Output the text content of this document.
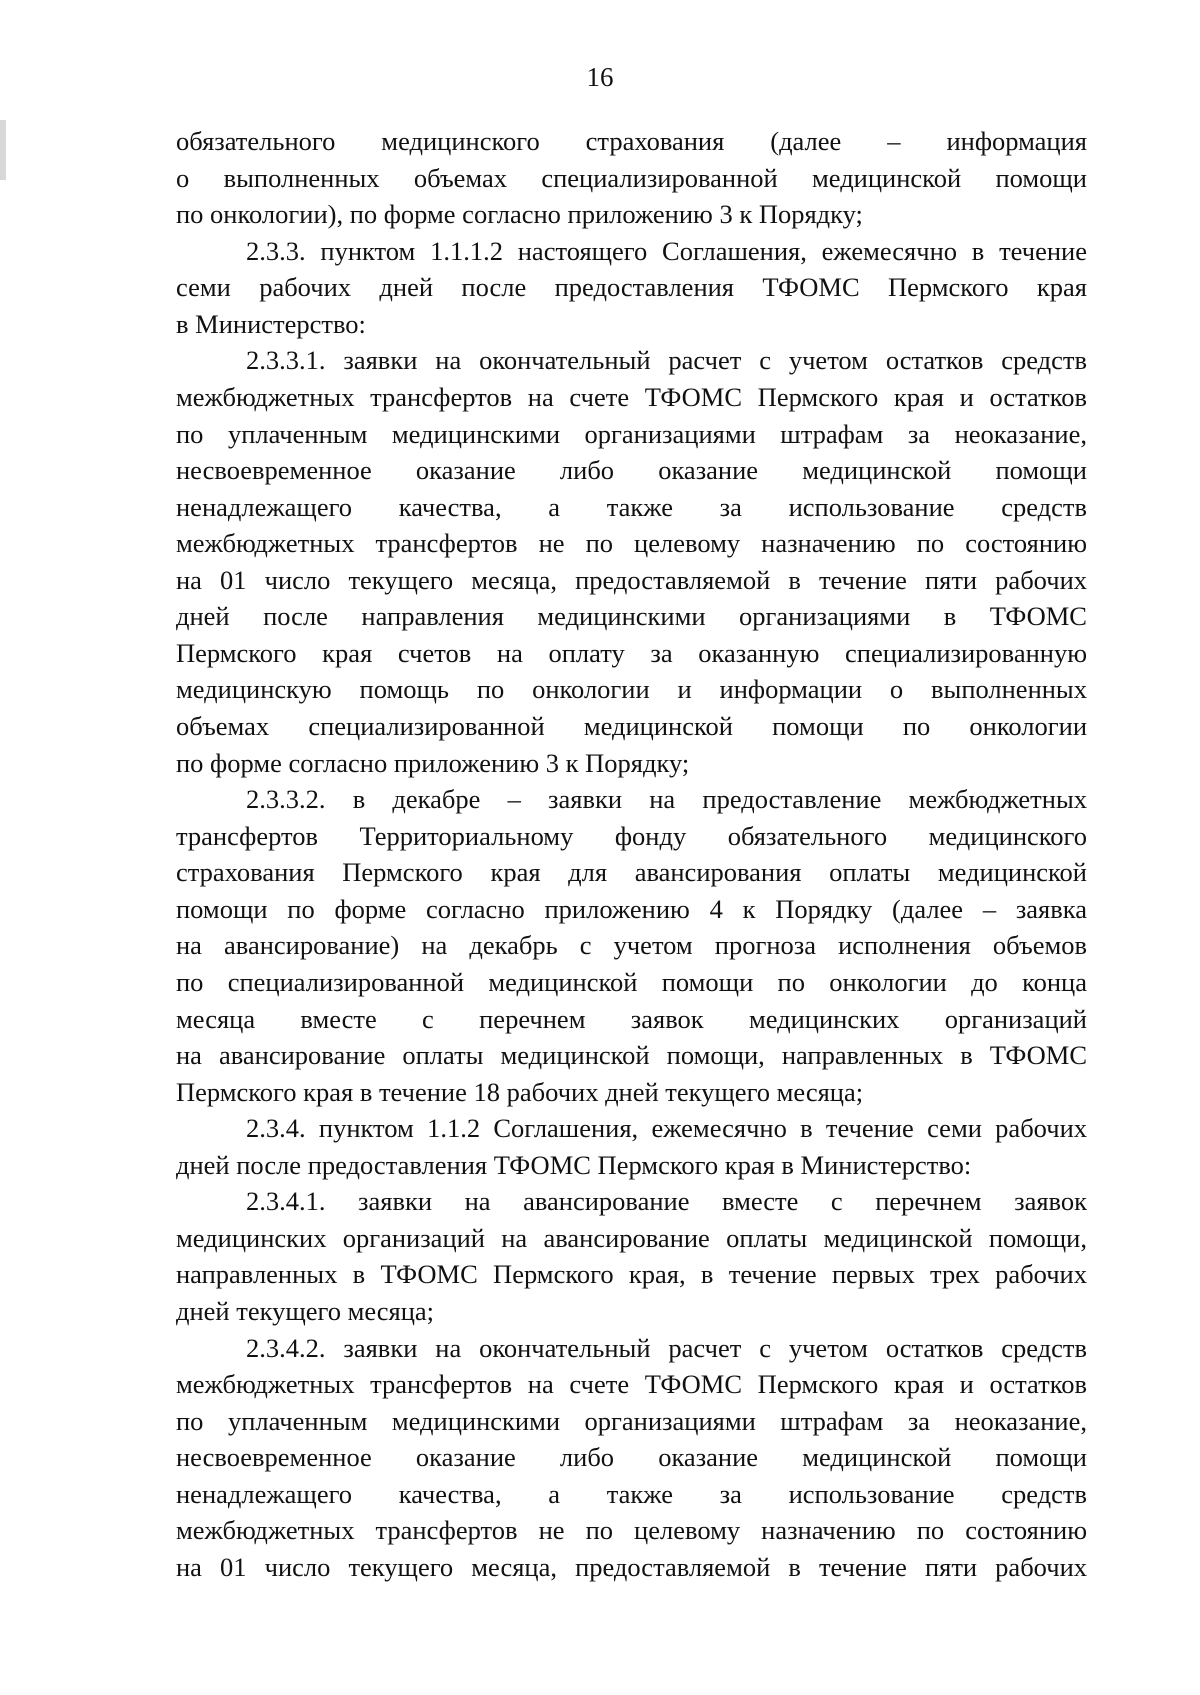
16
обязательного медицинского страхования (далее – информация
о выполненных объемах специализированной медицинской помощи
по онкологии), по форме согласно приложению 3 к Порядку;
2.3.3. пунктом 1.1.1.2 настоящего Соглашения, ежемесячно в течение
семи рабочих дней после предоставления ТФОМС Пермского края
в Министерство:
2.3.3.1. заявки на окончательный расчет с учетом остатков средств
межбюджетных трансфертов на счете ТФОМС Пермского края и остатков
по уплаченным медицинскими организациями штрафам за неоказание,
несвоевременное оказание либо оказание медицинской помощи
ненадлежащего качества, а также за использование средств
межбюджетных трансфертов не по целевому назначению по состоянию
на 01 число текущего месяца, предоставляемой в течение пяти рабочих
дней после направления медицинскими организациями в ТФОМС
Пермского края счетов на оплату за оказанную специализированную
медицинскую помощь по онкологии и информации о выполненных
объемах специализированной медицинской помощи по онкологии
по форме согласно приложению 3 к Порядку;
2.3.3.2. в декабре – заявки на предоставление межбюджетных
трансфертов Территориальному фонду обязательного медицинского
страхования Пермского края для авансирования оплаты медицинской
помощи по форме согласно приложению 4 к Порядку (далее – заявка
на авансирование) на декабрь с учетом прогноза исполнения объемов
по специализированной медицинской помощи по онкологии до конца
месяца вместе с перечнем заявок медицинских организаций
на авансирование оплаты медицинской помощи, направленных в ТФОМС
Пермского края в течение 18 рабочих дней текущего месяца;
2.3.4. пунктом 1.1.2 Соглашения, ежемесячно в течение семи рабочих
дней после предоставления ТФОМС Пермского края в Министерство:
2.3.4.1. заявки на авансирование вместе с перечнем заявок
медицинских организаций на авансирование оплаты медицинской помощи,
направленных в ТФОМС Пермского края, в течение первых трех рабочих
дней текущего месяца;
2.3.4.2. заявки на окончательный расчет с учетом остатков средств
межбюджетных трансфертов на счете ТФОМС Пермского края и остатков
по уплаченным медицинскими организациями штрафам за неоказание,
несвоевременное оказание либо оказание медицинской помощи
ненадлежащего качества, а также за использование средств
межбюджетных трансфертов не по целевому назначению по состоянию
на 01 число текущего месяца, предоставляемой в течение пяти рабочих
